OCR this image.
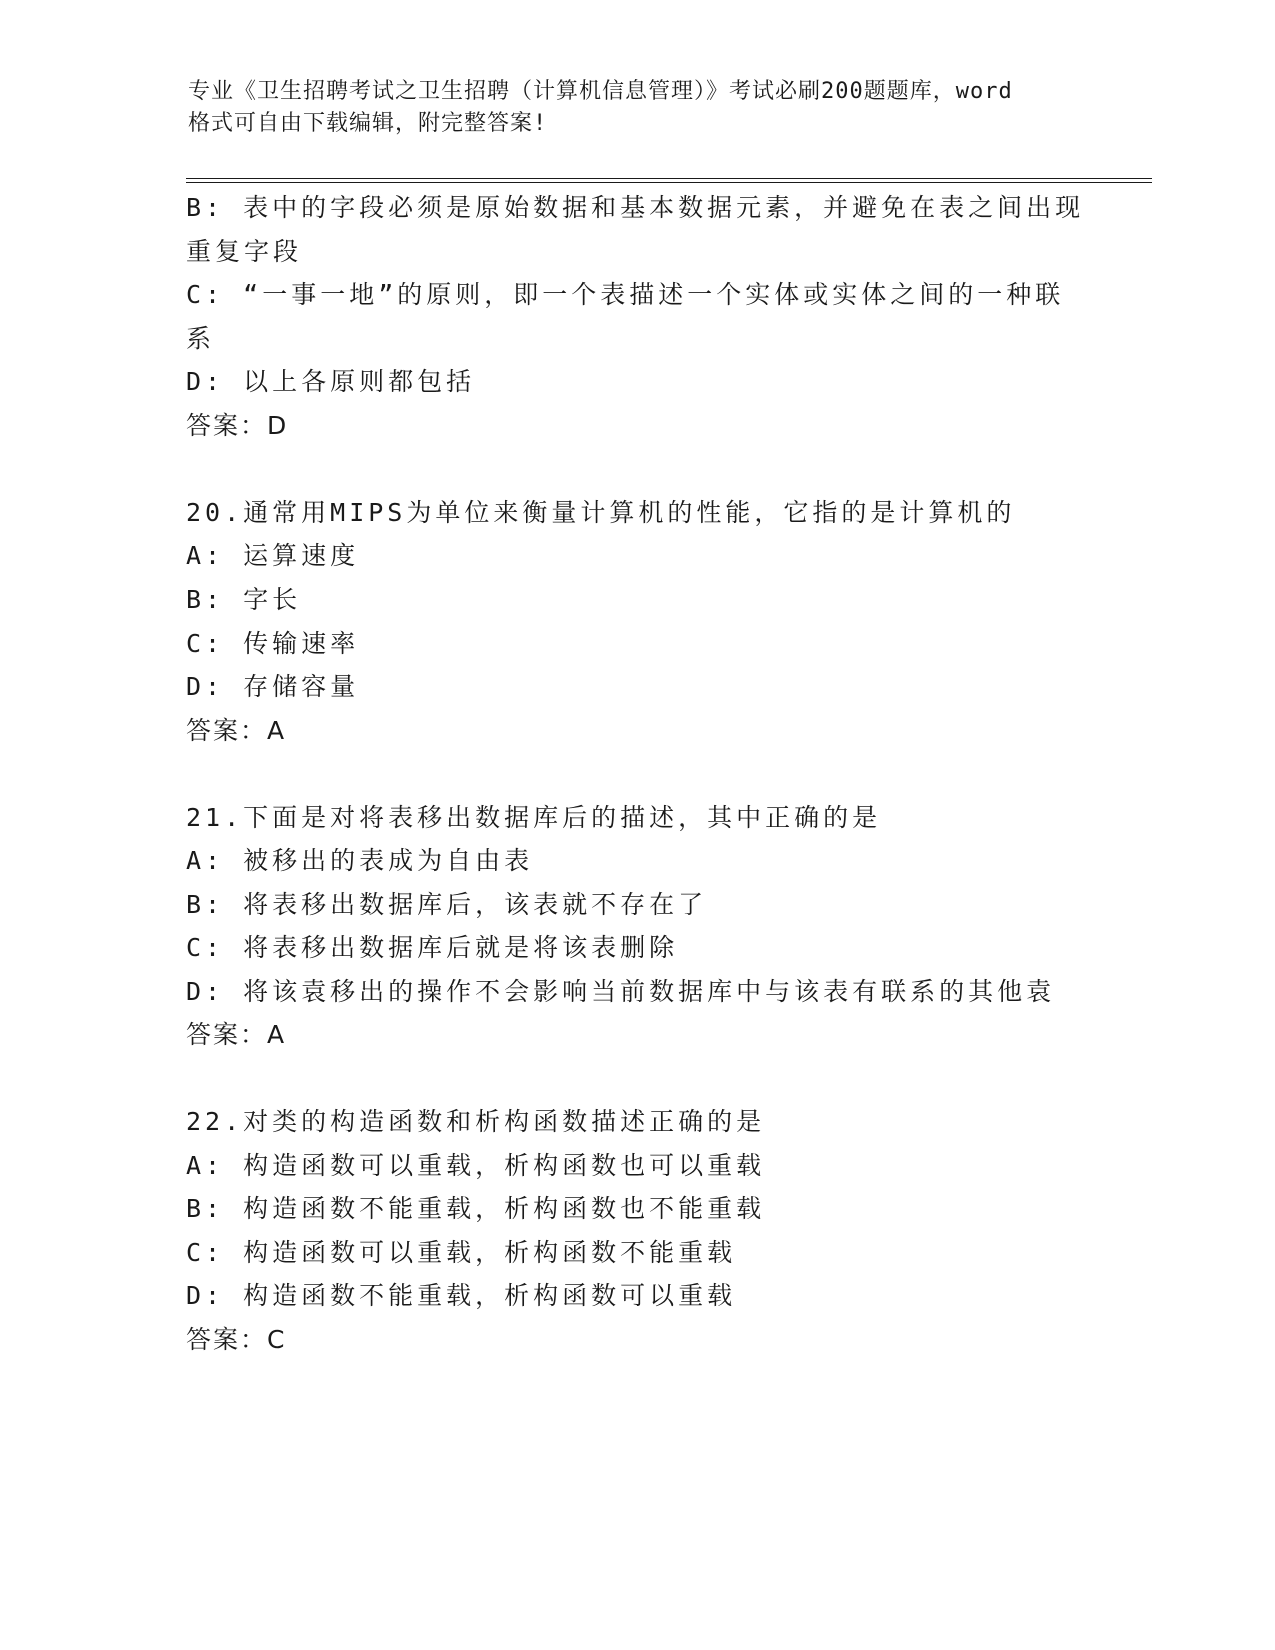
专业《卫生招聘考试之卫生招聘（计算机信息管理）》考试必刷200题题库，word
格式可自由下载编辑，附完整答案!
B: 表中的字段必须是原始数据和基本数据元素，并避免在表之间出现
重复字段
C: “一事一地”的原则，即一个表描述一个实体或实体之间的一种联
系
D: 以上各原则都包括
答案：D
20.通常用MIPS为单位来衡量计算机的性能，它指的是计算机的
A: 运算速度
B: 字长
C: 传输速率
D: 存储容量
答案：A
21.下面是对将表移出数据库后的描述，其中正确的是
A: 被移出的表成为自由表
B: 将表移出数据库后，该表就不存在了
C: 将表移出数据库后就是将该表删除
D: 将该袁移出的操作不会影响当前数据库中与该表有联系的其他袁
答案：A
22.对类的构造函数和析构函数描述正确的是
A: 构造函数可以重载，析构函数也可以重载
B: 构造函数不能重载，析构函数也不能重载
C: 构造函数可以重载，析构函数不能重载
D: 构造函数不能重载，析构函数可以重载
答案：C
